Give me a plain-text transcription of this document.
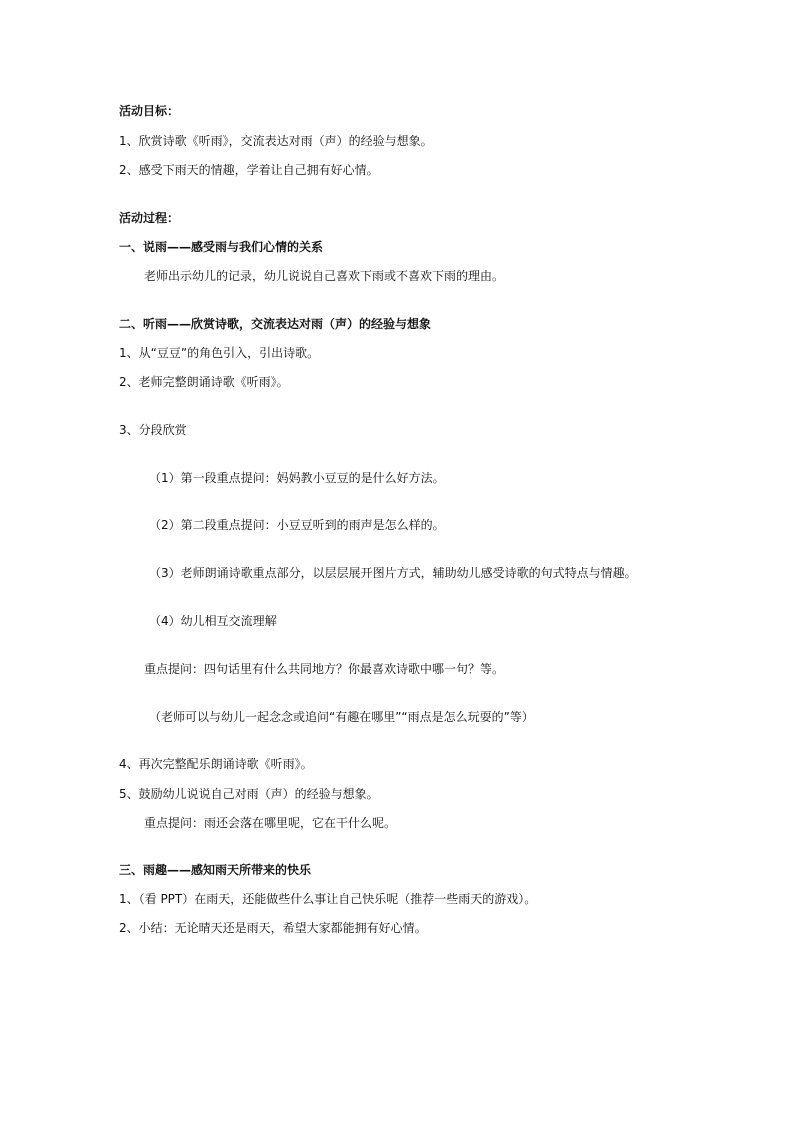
活动目标：
1、欣赏诗歌《听雨》，交流表达对雨（声）的经验与想象。
2、感受下雨天的情趣，学着让自己拥有好心情。
活动过程：
一、说雨——感受雨与我们心情的关系
老师出示幼儿的记录，幼儿说说自己喜欢下雨或不喜欢下雨的理由。
二、听雨——欣赏诗歌，交流表达对雨（声）的经验与想象
1、从“豆豆”的角色引入，引出诗歌。
2、老师完整朗诵诗歌《听雨》。
3、分段欣赏
（1）第一段重点提问：妈妈教小豆豆的是什么好方法。
（2）第二段重点提问：小豆豆听到的雨声是怎么样的。
（3）老师朗诵诗歌重点部分，以层层展开图片方式，辅助幼儿感受诗歌的句式特点与情趣。
（4）幼儿相互交流理解
重点提问：四句话里有什么共同地方？你最喜欢诗歌中哪一句？等。
（老师可以与幼儿一起念念或追问“有趣在哪里”“雨点是怎么玩耍的”等）
4、再次完整配乐朗诵诗歌《听雨》。
5、鼓励幼儿说说自己对雨（声）的经验与想象。
重点提问：雨还会落在哪里呢，它在干什么呢。
三、雨趣——感知雨天所带来的快乐
1、（看 PPT）在雨天，还能做些什么事让自己快乐呢（推荐一些雨天的游戏）。
2、小结：无论晴天还是雨天，希望大家都能拥有好心情。
